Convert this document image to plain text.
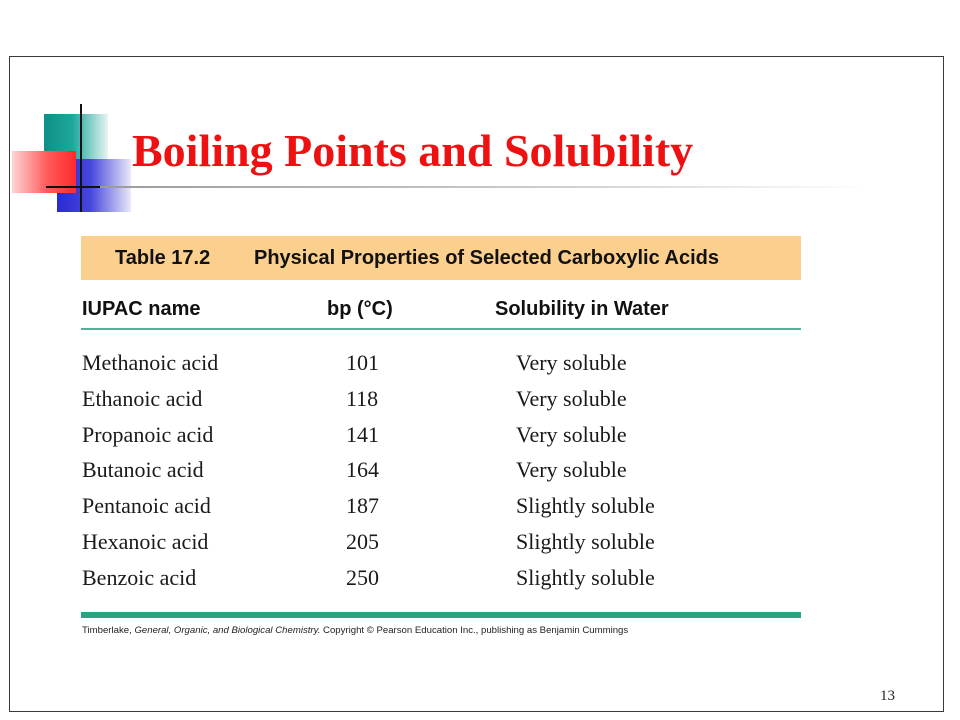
Boiling Points and Solubility
Table 17.2 Physical Properties of Selected Carboxylic Acids
IUPAC name	bp (°C)	Solubility in Water
Methanoic acid	101	Very soluble
Ethanoic acid	118	Very soluble
Propanoic acid	141	Very soluble
Butanoic acid	164	Very soluble
Pentanoic acid	187	Slightly soluble
Hexanoic acid	205	Slightly soluble
Benzoic acid	250	Slightly soluble
Timberlake, General, Organic, and Biological Chemistry. Copyright © Pearson Education Inc., publishing as Benjamin Cummings
13
